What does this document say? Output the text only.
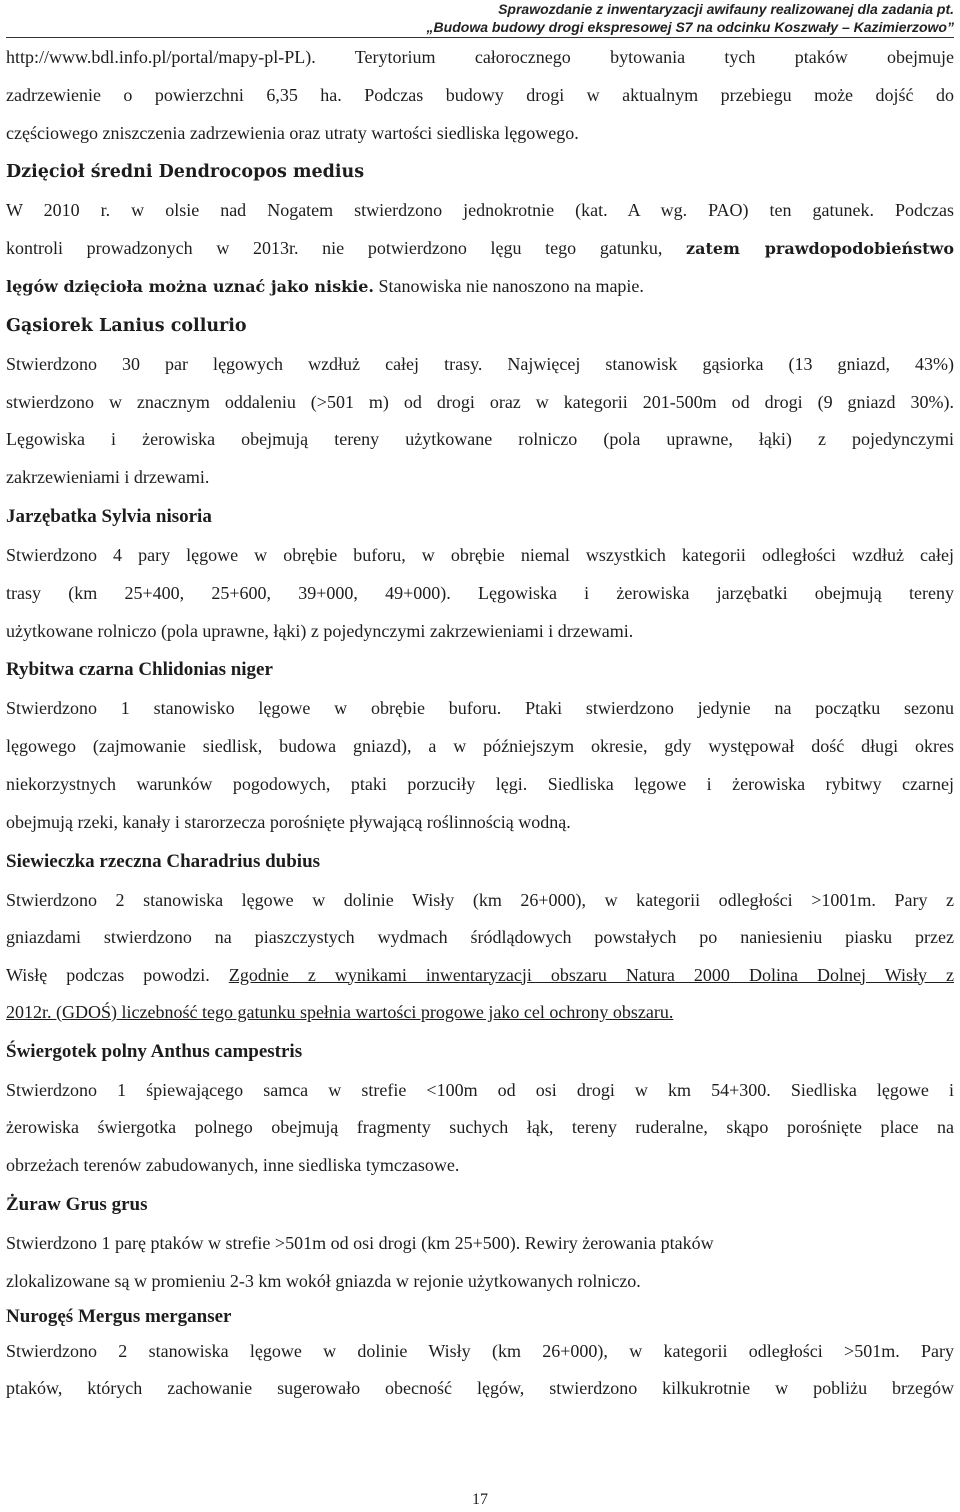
Sprawozdanie z inwentaryzacji awifauny realizowanej dla zadania pt.
„Budowa budowy drogi ekspresowej S7 na odcinku Koszwały – Kazimierzowo”
http://www.bdl.info.pl/portal/mapy-pl-PL). Terytorium całorocznego bytowania tych ptaków obejmuje
zadrzewienie o powierzchni 6,35 ha. Podczas budowy drogi w aktualnym przebiegu może dojść do
częściowego zniszczenia zadrzewienia oraz utraty wartości siedliska lęgowego.
Dzięcioł średni Dendrocopos medius
W 2010 r. w olsie nad Nogatem stwierdzono jednokrotnie (kat. A wg. PAO) ten gatunek. Podczas
kontroli prowadzonych w 2013r. nie potwierdzono lęgu tego gatunku, zatem prawdopodobieństwo
lęgów dzięcioła można uznać jako niskie. Stanowiska nie nanoszono na mapie.
Gąsiorek Lanius collurio
Stwierdzono 30 par lęgowych wzdłuż całej trasy. Najwięcej stanowisk gąsiorka (13 gniazd, 43%)
stwierdzono w znacznym oddaleniu (>501 m) od drogi oraz w kategorii 201-500m od drogi (9 gniazd 30%).
Lęgowiska i żerowiska obejmują tereny użytkowane rolniczo (pola uprawne, łąki) z pojedynczymi
zakrzewieniami i drzewami.
Jarzębatka Sylvia nisoria
Stwierdzono 4 pary lęgowe w obrębie buforu, w obrębie niemal wszystkich kategorii odległości wzdłuż całej
trasy (km 25+400, 25+600, 39+000, 49+000). Lęgowiska i żerowiska jarzębatki obejmują tereny
użytkowane rolniczo (pola uprawne, łąki) z pojedynczymi zakrzewieniami i drzewami.
Rybitwa czarna Chlidonias niger
Stwierdzono 1 stanowisko lęgowe w obrębie buforu. Ptaki stwierdzono jedynie na początku sezonu
lęgowego (zajmowanie siedlisk, budowa gniazd), a w późniejszym okresie, gdy występował dość długi okres
niekorzystnych warunków pogodowych, ptaki porzuciły lęgi. Siedliska lęgowe i żerowiska rybitwy czarnej
obejmują rzeki, kanały i starorzecza porośnięte pływającą roślinnością wodną.
Siewieczka rzeczna Charadrius dubius
Stwierdzono 2 stanowiska lęgowe w dolinie Wisły (km 26+000), w kategorii odległości >1001m. Pary z
gniazdami stwierdzono na piaszczystych wydmach śródlądowych powstałych po naniesieniu piasku przez
Wisłę podczas powodzi. Zgodnie z wynikami inwentaryzacji obszaru Natura 2000 Dolina Dolnej Wisły z
2012r. (GDOŚ) liczebność tego gatunku spełnia wartości progowe jako cel ochrony obszaru.
Świergotek polny Anthus campestris
Stwierdzono 1 śpiewającego samca w strefie <100m od osi drogi w km 54+300. Siedliska lęgowe i
żerowiska świergotka polnego obejmują fragmenty suchych łąk, tereny ruderalne, skąpo porośnięte place na
obrzeżach terenów zabudowanych, inne siedliska tymczasowe.
Żuraw Grus grus
Stwierdzono 1 parę ptaków w strefie >501m od osi drogi (km 25+500). Rewiry żerowania ptaków
zlokalizowane są w promieniu 2-3 km wokół gniazda w rejonie użytkowanych rolniczo.
Nurogęś Mergus merganser
Stwierdzono 2 stanowiska lęgowe w dolinie Wisły (km 26+000), w kategorii odległości >501m. Pary
ptaków, których zachowanie sugerowało obecność lęgów, stwierdzono kilkukrotnie w pobliżu brzegów
17
